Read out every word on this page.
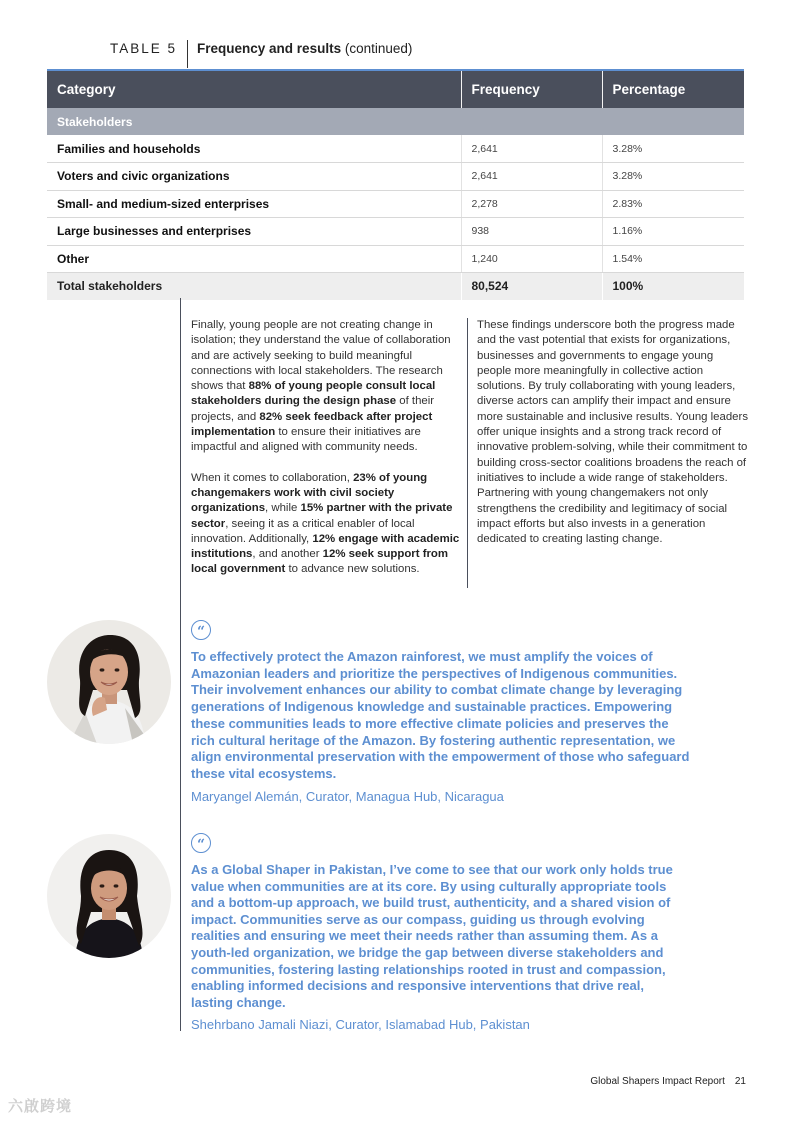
TABLE 5	Frequency and results (continued)
Category	Frequency	Percentage
Stakeholders		
Families and households	2,641	3.28%
Voters and civic organizations	2,641	3.28%
Small- and medium-sized enterprises	2,278	2.83%
Large businesses and enterprises	938	1.16%
Other	1,240	1.54%
Total stakeholders	80,524	100%

Finally, young people are not creating change in isolation; they understand the value of collaboration and are actively seeking to build meaningful connections with local stakeholders. The research shows that 88% of young people consult local stakeholders during the design phase of their projects, and 82% seek feedback after project implementation to ensure their initiatives are impactful and aligned with community needs.

When it comes to collaboration, 23% of young changemakers work with civil society organizations, while 15% partner with the private sector, seeing it as a critical enabler of local innovation. Additionally, 12% engage with academic institutions, and another 12% seek support from local government to advance new solutions.

These findings underscore both the progress made and the vast potential that exists for organizations, businesses and governments to engage young people more meaningfully in collective action solutions. By truly collaborating with young leaders, diverse actors can amplify their impact and ensure more sustainable and inclusive results. Young leaders offer unique insights and a strong track record of innovative problem-solving, while their commitment to building cross-sector coalitions broadens the reach of initiatives to include a wide range of stakeholders. Partnering with young changemakers not only strengthens the credibility and legitimacy of social impact efforts but also invests in a generation dedicated to creating lasting change.

“
To effectively protect the Amazon rainforest, we must amplify the voices of Amazonian leaders and prioritize the perspectives of Indigenous communities. Their involvement enhances our ability to combat climate change by leveraging generations of Indigenous knowledge and sustainable practices. Empowering these communities leads to more effective climate policies and preserves the rich cultural heritage of the Amazon. By fostering authentic representation, we align environmental preservation with the empowerment of those who safeguard these vital ecosystems.
Maryangel Alemán, Curator, Managua Hub, Nicaragua
“
As a Global Shaper in Pakistan, I’ve come to see that our work only holds true value when communities are at its core. By using culturally appropriate tools and a bottom-up approach, we build trust, authenticity, and a shared vision of impact. Communities serve as our compass, guiding us through evolving realities and ensuring we meet their needs rather than assuming them. As a youth-led organization, we bridge the gap between diverse stakeholders and communities, fostering lasting relationships rooted in trust and compassion, enabling informed decisions and responsive interventions that drive real, lasting change.
Shehrbano Jamali Niazi, Curator, Islamabad Hub, Pakistan
Global Shapers Impact Report 21
六啟跨境
